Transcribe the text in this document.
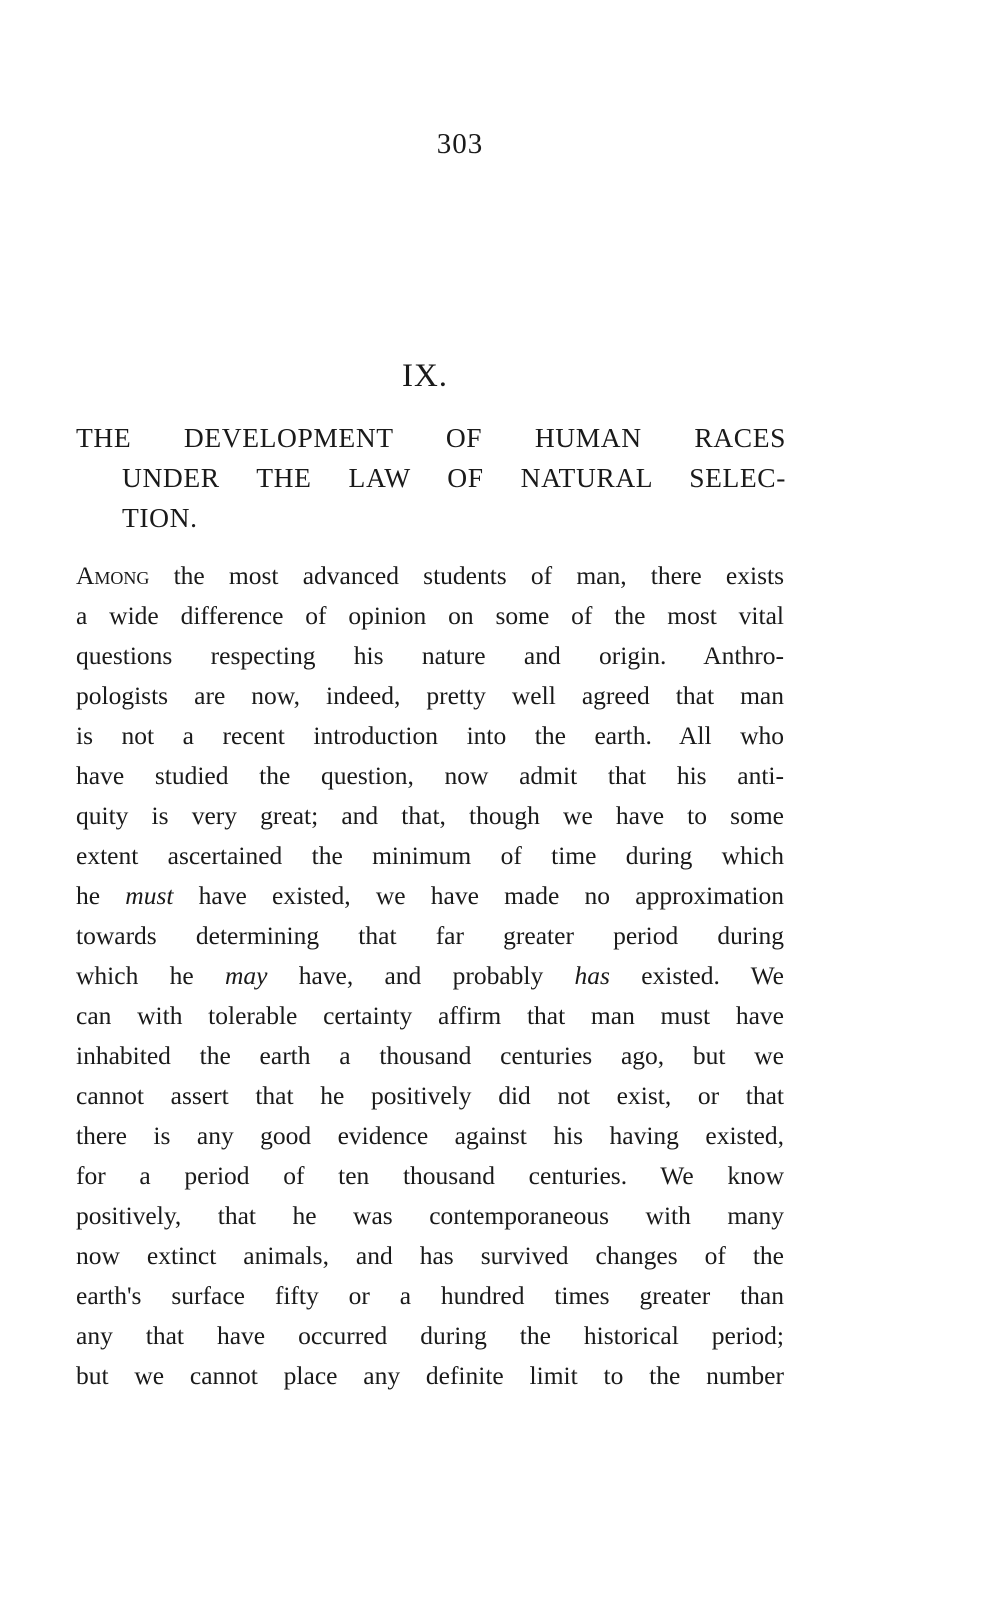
303
IX.
THE DEVELOPMENT OF HUMAN RACES
UNDER THE LAW OF NATURAL SELEC-
TION.
Among the most advanced students of man, there exists
a wide difference of opinion on some of the most vital
questions respecting his nature and origin. Anthro-
pologists are now, indeed, pretty well agreed that man
is not a recent introduction into the earth. All who
have studied the question, now admit that his anti-
quity is very great; and that, though we have to some
extent ascertained the minimum of time during which
he must have existed, we have made no approximation
towards determining that far greater period during
which he may have, and probably has existed. We
can with tolerable certainty affirm that man must have
inhabited the earth a thousand centuries ago, but we
cannot assert that he positively did not exist, or that
there is any good evidence against his having existed,
for a period of ten thousand centuries. We know
positively, that he was contemporaneous with many
now extinct animals, and has survived changes of the
earth's surface fifty or a hundred times greater than
any that have occurred during the historical period;
but we cannot place any definite limit to the number
